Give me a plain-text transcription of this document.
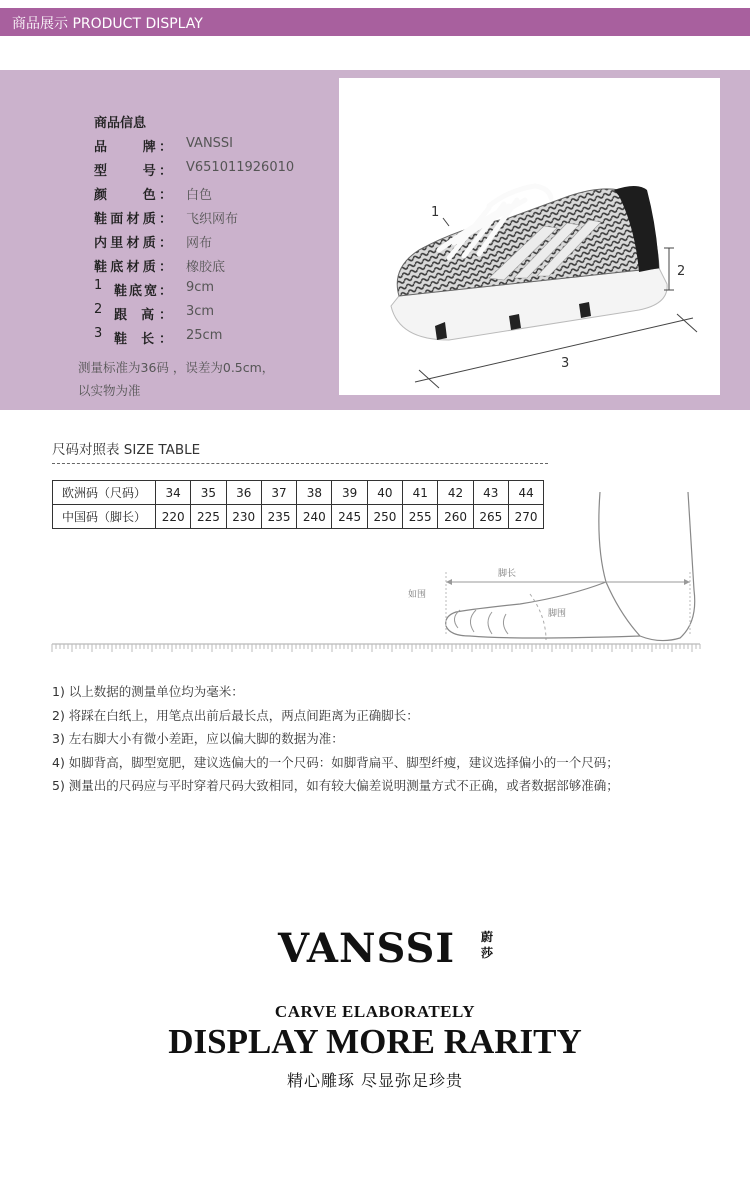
商品展示 PRODUCT DISPLAY
商品信息
品　　牌： VANSSI
型　　号： V651011926010
颜　　色： 白色
鞋面材质： 飞织网布
内里材质： 网布
鞋底材质： 橡胶底
1 鞋底宽： 9cm
2 跟 高： 3cm
3 鞋 长： 25cm
测量标准为36码 ，误差为0.5cm，
以实物为准
1
2
3
尺码对照表 SIZE TABLE
脚长
如围
脚围
欧洲码（尺码）	34	35	36	37	38	39	40	41	42	43	44
中国码（脚长）	220	225	230	235	240	245	250	255	260	265	270
1) 以上数据的测量单位均为毫米：
2) 将踩在白纸上，用笔点出前后最长点，两点间距离为正确脚长：
3) 左右脚大小有微小差距，应以偏大脚的数据为准：
4) 如脚背高，脚型宽肥，建议选偏大的一个尺码：如脚背扁平、脚型纤瘦，建议选择偏小的一个尺码；
5) 测量出的尺码应与平时穿着尺码大致相同，如有较大偏差说明测量方式不正确，或者数据部够准确；
VANSSI 蔚莎
CARVE ELABORATELY
DISPLAY MORE RARITY
精心雕琢 尽显弥足珍贵
